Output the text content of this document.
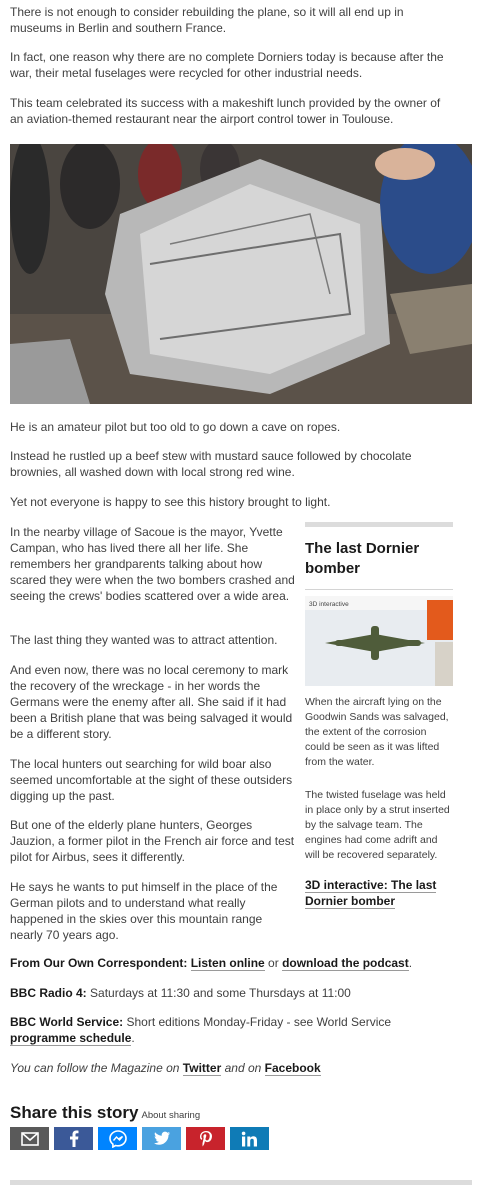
There is not enough to consider rebuilding the plane, so it will all end up in museums in Berlin and southern France.

In fact, one reason why there are no complete Dorniers today is because after the war, their metal fuselages were recycled for other industrial needs.

This team celebrated its success with a makeshift lunch provided by the owner of an aviation-themed restaurant near the airport control tower in Toulouse.

He is an amateur pilot but too old to go down a cave on ropes.

Instead he rustled up a beef stew with mustard sauce followed by chocolate brownies, all washed down with local strong red wine.

Yet not everyone is happy to see this history brought to light.

In the nearby village of Sacoue is the mayor, Yvette Campan, who has lived there all her life. She remembers her grandparents talking about how scared they were when the two bombers crashed and seeing the crews' bodies scattered over a wide area.

The last thing they wanted was to attract attention.

And even now, there was no local ceremony to mark the recovery of the wreckage - in her words the Germans were the enemy after all. She said if it had been a British plane that was being salvaged it would be a different story.

The local hunters out searching for wild boar also seemed uncomfortable at the sight of these outsiders digging up the past.

But one of the elderly plane hunters, Georges Jauzion, a former pilot in the French air force and test pilot for Airbus, sees it differently.

He says he wants to put himself in the place of the German pilots and to understand what really happened in the skies over this mountain range nearly 70 years ago.

The last Dornier bomber
3D interactive

When the aircraft lying on the Goodwin Sands was salvaged, the extent of the corrosion could be seen as it was lifted from the water.

The twisted fuselage was held in place only by a strut inserted by the salvage team. The engines had come adrift and will be recovered separately.

3D interactive: The last Dornier bomber

From Our Own Correspondent: Listen online or download the podcast.

BBC Radio 4: Saturdays at 11:30 and some Thursdays at 11:00

BBC World Service: Short editions Monday-Friday - see World Service
programme schedule.

You can follow the Magazine on Twitter and on Facebook

Share this story About sharing
